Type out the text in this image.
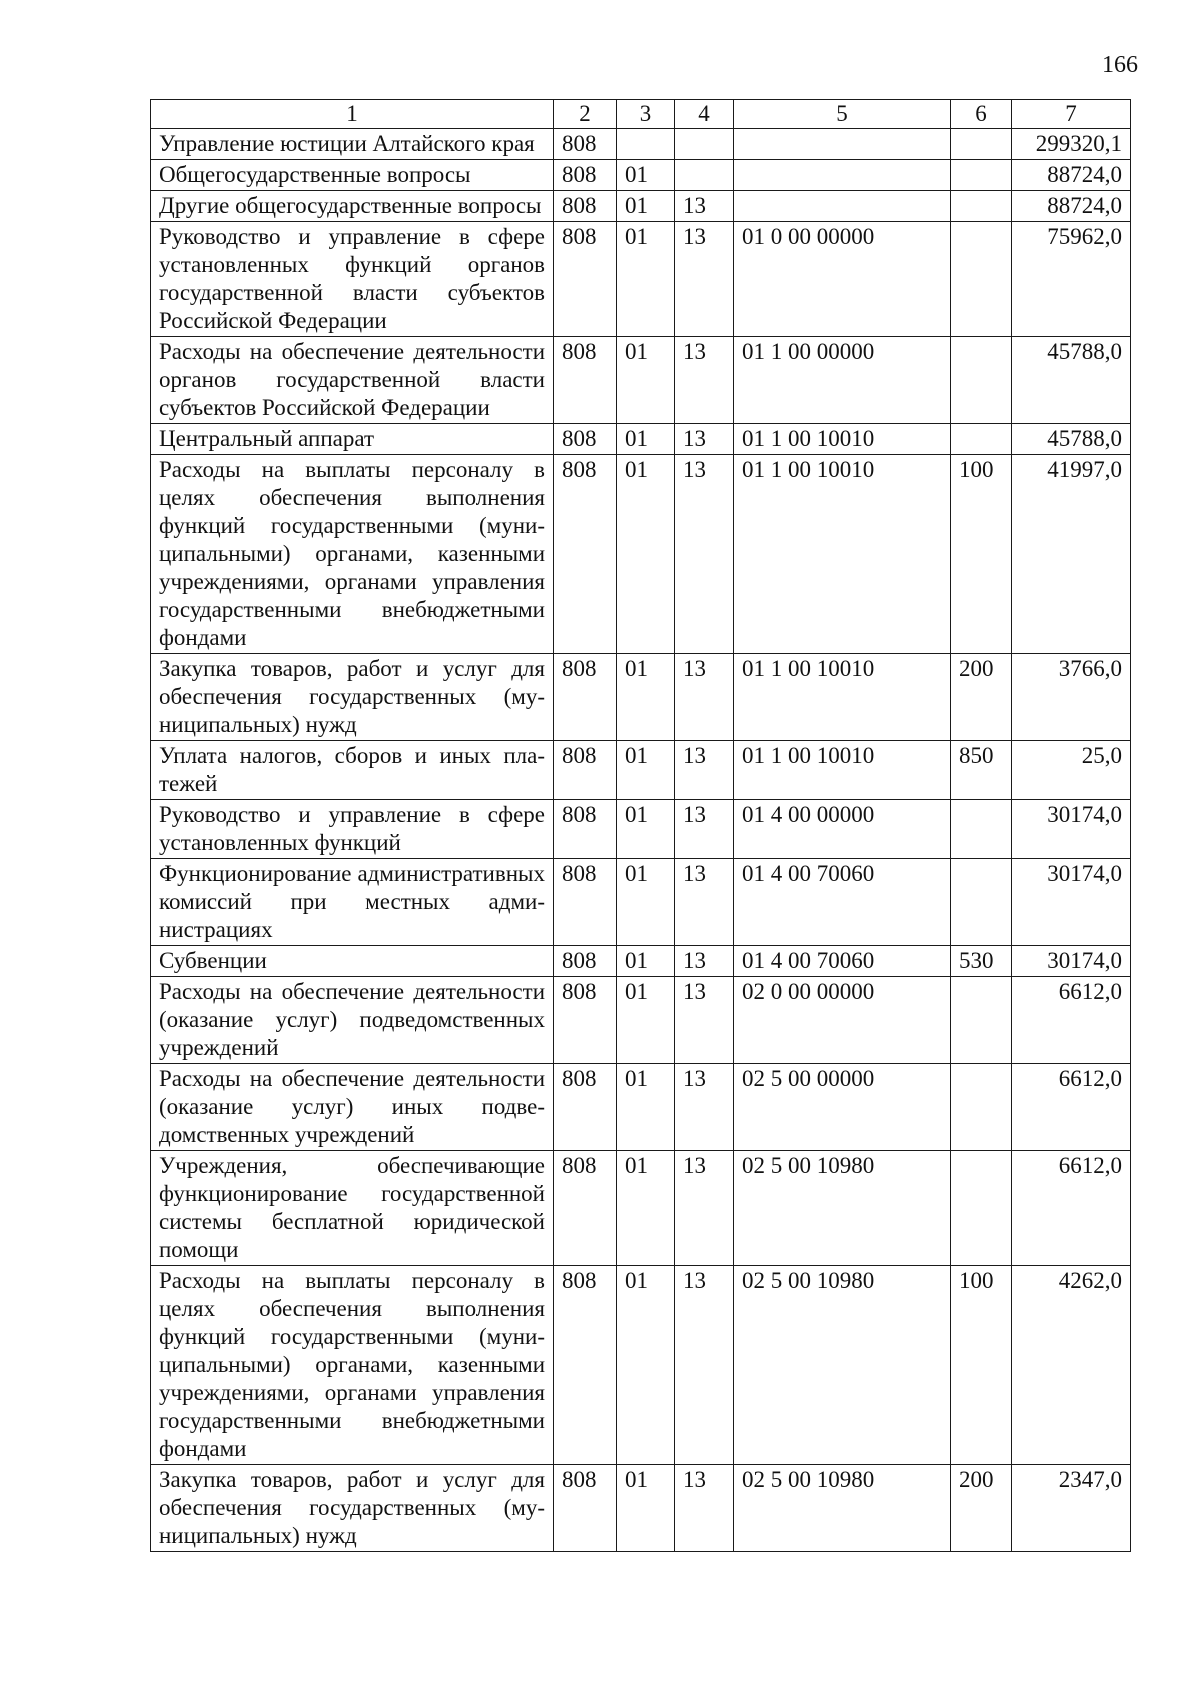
166
1	2	3	4	5	6	7
Управление юстиции Алтайского края	808					299320,1
Общегосударственные вопросы	808	01				88724,0
Другие общегосударственные вопросы	808	01	13			88724,0
Руководство и управление в сфере установленных функций органов государственной власти субъектов Российской Федерации	808	01	13	01 0 00 00000		75962,0
Расходы на обеспечение деятельности органов государственной власти субъектов Российской Федерации	808	01	13	01 1 00 00000		45788,0
Центральный аппарат	808	01	13	01 1 00 10010		45788,0
Расходы на выплаты персоналу в целях обеспечения выполнения функций государственными (муниципальными) органами, казенными учреждениями, органами управления государственными внебюджетными фондами	808	01	13	01 1 00 10010	100	41997,0
Закупка товаров, работ и услуг для обеспечения государственных (муниципальных) нужд	808	01	13	01 1 00 10010	200	3766,0
Уплата налогов, сборов и иных платежей	808	01	13	01 1 00 10010	850	25,0
Руководство и управление в сфере установленных функций	808	01	13	01 4 00 00000		30174,0
Функционирование административных комиссий при местных администрациях	808	01	13	01 4 00 70060		30174,0
Субвенции	808	01	13	01 4 00 70060	530	30174,0
Расходы на обеспечение деятельности (оказание услуг) подведомственных учреждений	808	01	13	02 0 00 00000		6612,0
Расходы на обеспечение деятельности (оказание услуг) иных подведомственных учреждений	808	01	13	02 5 00 00000		6612,0
Учреждения, обеспечивающие функционирование государственной системы бесплатной юридической помощи	808	01	13	02 5 00 10980		6612,0
Расходы на выплаты персоналу в целях обеспечения выполнения функций государственными (муниципальными) органами, казенными учреждениями, органами управления государственными внебюджетными фондами	808	01	13	02 5 00 10980	100	4262,0
Закупка товаров, работ и услуг для обеспечения государственных (муниципальных) нужд	808	01	13	02 5 00 10980	200	2347,0
